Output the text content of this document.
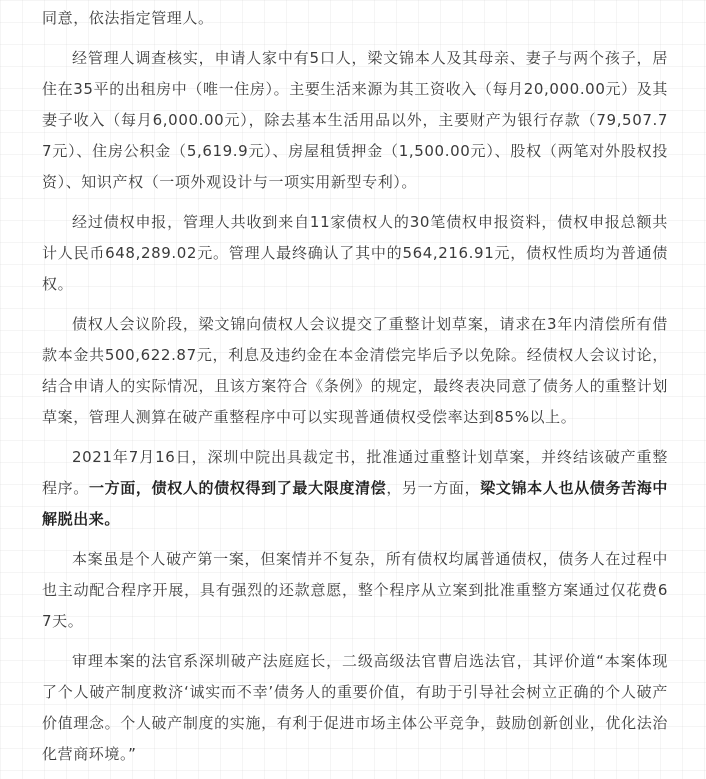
同意，依法指定管理人。

经管理人调查核实，申请人家中有5口人，梁文锦本人及其母亲、妻子与两个孩子，居住在35平的出租房中（唯一住房）。主要生活来源为其工资收入（每月20,000.00元）及其妻子收入（每月6,000.00元），除去基本生活用品以外，主要财产为银行存款（79,507.77元）、住房公积金（5,619.9元）、房屋租赁押金（1,500.00元）、股权（两笔对外股权投资）、知识产权（一项外观设计与一项实用新型专利）。

经过债权申报，管理人共收到来自11家债权人的30笔债权申报资料，债权申报总额共计人民币648,289.02元。管理人最终确认了其中的564,216.91元，债权性质均为普通债权。

债权人会议阶段，梁文锦向债权人会议提交了重整计划草案，请求在3年内清偿所有借款本金共500,622.87元，利息及违约金在本金清偿完毕后予以免除。经债权人会议讨论，结合申请人的实际情况，且该方案符合《条例》的规定，最终表决同意了债务人的重整计划草案，管理人测算在破产重整程序中可以实现普通债权受偿率达到85%以上。

2021年7月16日，深圳中院出具裁定书，批准通过重整计划草案，并终结该破产重整程序。一方面，债权人的债权得到了最大限度清偿，另一方面，梁文锦本人也从债务苦海中解脱出来。

本案虽是个人破产第一案，但案情并不复杂，所有债权均属普通债权，债务人在过程中也主动配合程序开展，具有强烈的还款意愿，整个程序从立案到批准重整方案通过仅花费67天。

审理本案的法官系深圳破产法庭庭长，二级高级法官曹启选法官，其评价道“本案体现了个人破产制度救济‘诚实而不幸’债务人的重要价值，有助于引导社会树立正确的个人破产价值理念。个人破产制度的实施，有利于促进市场主体公平竞争，鼓励创新创业，优化法治化营商环境。”
